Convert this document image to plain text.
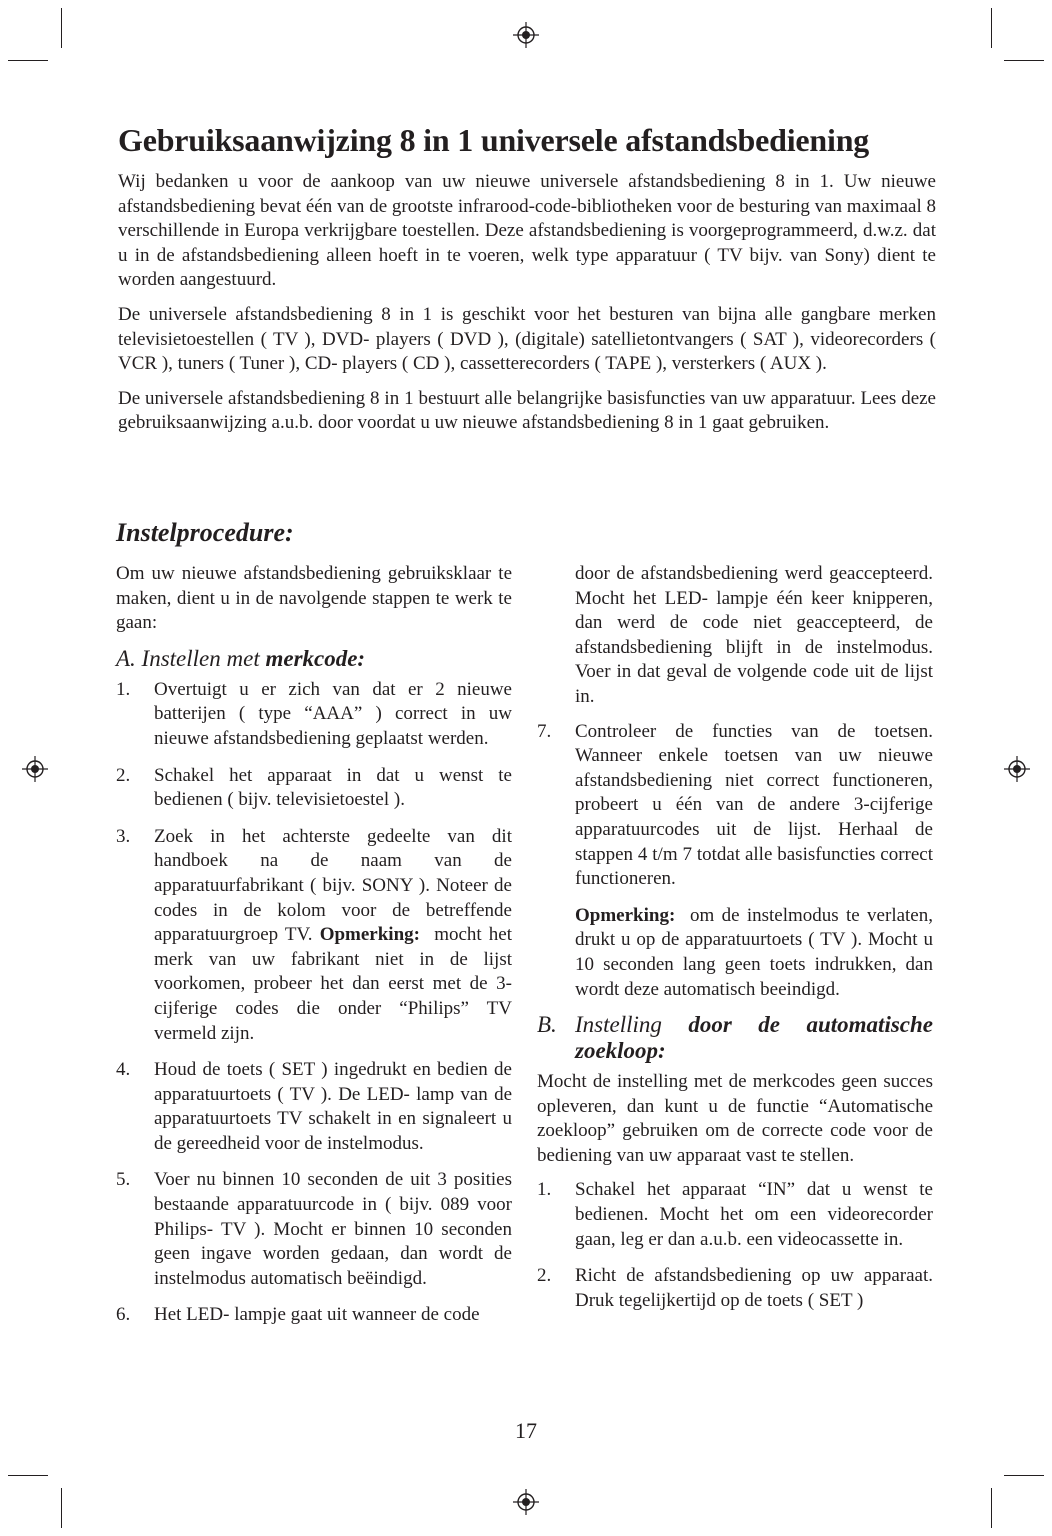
Gebruiksaanwijzing 8 in 1 universele afstandsbediening

Wij bedanken u voor de aankoop van uw nieuwe universele afstandsbediening 8 in 1. Uw nieuwe afstandsbediening bevat één van de grootste infrarood-code-bibliotheken voor de besturing van maximaal 8 verschillende in Europa verkrijgbare toestellen. Deze afstandsbediening is voorgeprogrammeerd, d.w.z. dat u in de afstandsbediening alleen hoeft in te voeren, welk type apparatuur ( TV bijv. van Sony) dient te worden aangestuurd.

De universele afstandsbediening 8 in 1 is geschikt voor het besturen van bijna alle gangbare merken televisietoestellen ( TV ), DVD- players ( DVD ), (digitale) satellietontvangers ( SAT ), videorecorders ( VCR ), tuners ( Tuner ), CD- players ( CD ), cassetterecorders ( TAPE ), versterkers ( AUX ).

De universele afstandsbediening 8 in 1 bestuurt alle belangrijke basisfuncties van uw apparatuur. Lees deze gebruiksaanwijzing a.u.b. door voordat u uw nieuwe afstandsbediening 8 in 1 gaat gebruiken.

Instelprocedure:

Om uw nieuwe afstandsbediening gebruiksklaar te maken, dient u in de navolgende stappen te werk te gaan:

A. Instellen met merkcode:
1. Overtuigt u er zich van dat er 2 nieuwe batterijen ( type “AAA” ) correct in uw nieuwe afstandsbediening geplaatst werden.
2. Schakel het apparaat in dat u wenst te bedienen ( bijv. televisietoestel ).
3. Zoek in het achterste gedeelte van dit handboek na de naam van de apparatuurfabrikant ( bijv. SONY ). Noteer de codes in de kolom voor de betreffende apparatuurgroep TV. Opmerking: mocht het merk van uw fabrikant niet in de lijst voorkomen, probeer het dan eerst met de 3-cijferige codes die onder “Philips” TV vermeld zijn.
4. Houd de toets ( SET ) ingedrukt en bedien de apparatuurtoets ( TV ). De LED- lamp van de apparatuurtoets TV schakelt in en signaleert u de gereedheid voor de instelmodus.
5. Voer nu binnen 10 seconden de uit 3 posities bestaande apparatuurcode in ( bijv. 089 voor Philips- TV ). Mocht er binnen 10 seconden geen ingave worden gedaan, dan wordt de instelmodus automatisch beëindigd.
6. Het LED- lampje gaat uit wanneer de code

door de afstandsbediening werd geaccepteerd. Mocht het LED- lampje één keer knipperen, dan werd de code niet geaccepteerd, de afstandsbediening blijft in de instelmodus. Voer in dat geval de volgende code uit de lijst in.

7. Controleer de functies van de toetsen. Wanneer enkele toetsen van uw nieuwe afstandsbediening niet correct functioneren, probeert u één van de andere 3-cijferige apparatuurcodes uit de lijst. Herhaal de stappen 4 t/m 7 totdat alle basisfuncties correct functioneren.

Opmerking: om de instelmodus te verlaten, drukt u op de apparatuurtoets ( TV ). Mocht u 10 seconden lang geen toets indrukken, dan wordt deze automatisch beeindigd.

B. Instelling door de automatische zoekloop:

Mocht de instelling met de merkcodes geen succes opleveren, dan kunt u de functie “Automatische zoekloop” gebruiken om de correcte code voor de bediening van uw apparaat vast te stellen.

1. Schakel het apparaat “IN” dat u wenst te bedienen. Mocht het om een videorecorder gaan, leg er dan a.u.b. een videocassette in.
2. Richt de afstandsbediening op uw apparaat. Druk tegelijkertijd op de toets ( SET )
17
